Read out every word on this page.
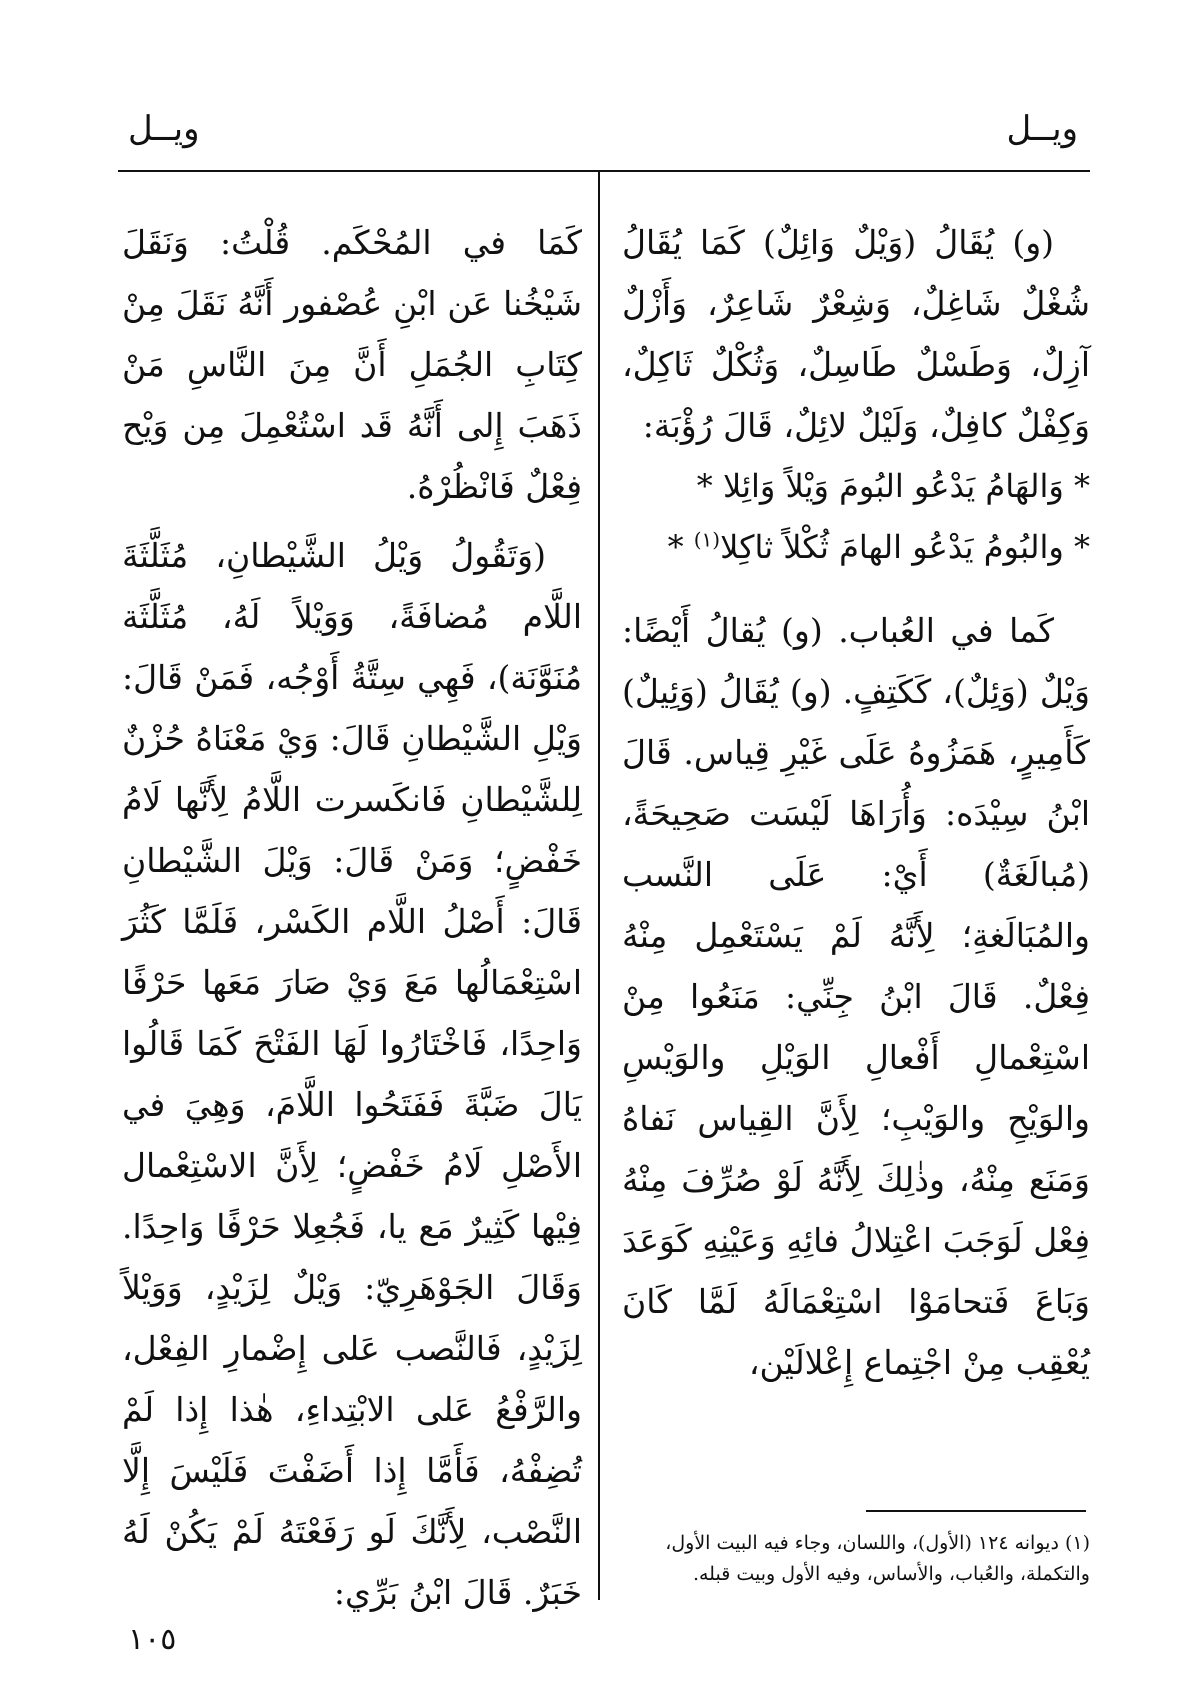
ويــل	ويــل

(و) يُقَالُ (وَيْلٌ وَائِلٌ) كَمَا يُقَالُ شُغْلٌ شَاغِلٌ، وَشِعْرٌ شَاعِرٌ، وَأَزْلٌ آزِلٌ، وَطَسْلٌ طَاسِلٌ، وَثُكْلٌ ثَاكِلٌ، وَكِفْلٌ كافِلٌ، وَلَيْلٌ لائِلٌ، قَالَ رُؤْبَة:

* وَالهَامُ يَدْعُو البُومَ وَيْلاً وَائِلا *

* والبُومُ يَدْعُو الهامَ ثُكْلاً ثاكِلا$^{(١)}$ *

كَما في العُباب. (و) يُقالُ أَيْضًا: وَيْلٌ (وَئِلٌ)، كَكَتِفٍ. (و) يُقَالُ (وَئِيلٌ) كَأَمِيرٍ، هَمَزُوهُ عَلَى غَيْرِ قِياس. قَالَ ابْنُ سِيْدَه: وَأُرَاهَا لَيْسَت صَحِيحَةً، (مُبالَغَةٌ) أَيْ: عَلَى النَّسب والمُبَالَغةِ؛ لِأَنَّهُ لَمْ يَسْتَعْمِل مِنْهُ فِعْلٌ. قَالَ ابْنُ جِنِّي: مَنَعُوا مِنْ اسْتِعْمالِ أَفْعالِ الوَيْلِ والوَيْسِ والوَيْحِ والوَيْبِ؛ لِأَنَّ القِياس نَفاهُ وَمَنَع مِنْهُ، وذٰلِكَ لِأَنَّهُ لَوْ صُرِّفَ مِنْهُ فِعْل لَوَجَبَ اعْتِلالُ فائِهِ وَعَيْنِهِ كَوَعَدَ وَبَاعَ فَتحامَوْا اسْتِعْمَالَهُ لَمَّا كَانَ يُعْقِب مِنْ اجْتِماع إِعْلالَيْن،

كَمَا في المُحْكَم. قُلْتُ: وَنَقَلَ شَيْخُنا عَن ابْنِ عُصْفور أَنَّهُ نَقَلَ مِنْ كِتَابِ الجُمَلِ أَنَّ مِنَ النَّاسِ مَنْ ذَهَبَ إِلى أَنَّهُ قَد اسْتُعْمِلَ مِن وَيْح فِعْلٌ فَانْظُرْهُ.

(وَتَقُولُ وَيْلُ الشَّيْطانِ، مُثَلَّثَةَ اللَّام مُضافَةً، وَوَيْلاً لَهُ، مُثَلَّثَة مُنَوَّنَة)، فَهِي سِتَّةُ أَوْجُه، فَمَنْ قَالَ: وَيْلِ الشَّيْطانِ قَالَ: وَيْ مَعْنَاهُ حُزْنٌ لِلشَّيْطانِ فَانكَسرت اللَّامُ لِأَنَّها لَامُ خَفْضٍ؛ وَمَنْ قَالَ: وَيْلَ الشَّيْطانِ قَالَ: أَصْلُ اللَّام الكَسْر، فَلَمَّا كَثُرَ اسْتِعْمَالُها مَعَ وَيْ صَارَ مَعَها حَرْفًا وَاحِدًا، فَاخْتَارُوا لَهَا الفَتْحَ كَمَا قَالُوا يَالَ ضَبَّةَ فَفَتَحُوا اللَّامَ، وَهِيَ في الأَصْلِ لَامُ خَفْضٍ؛ لِأَنَّ الاسْتِعْمال فِيْها كَثِيرٌ مَع يا، فَجُعِلا حَرْفًا وَاحِدًا. وَقَالَ الجَوْهَرِيّ: وَيْلٌ لِزَيْدٍ، وَوَيْلاً لِزَيْدٍ، فَالنَّصب عَلى إِضْمارِ الفِعْل، والرَّفْعُ عَلى الابْتِداءِ، هٰذا إِذا لَمْ تُضِفْهُ، فَأَمَّا إِذا أَضَفْتَ فَلَيْسَ إِلَّا النَّصْب، لِأَنَّكَ لَو رَفَعْتَهُ لَمْ يَكُنْ لَهُ خَبَرٌ. قَالَ ابْنُ بَرِّي:

(١) ديوانه ١٢٤ (الأول)، واللسان، وجاء فيه البيت الأول، والتكملة، والعُباب، والأساس، وفيه الأول وبيت قبله.
١٠٥
